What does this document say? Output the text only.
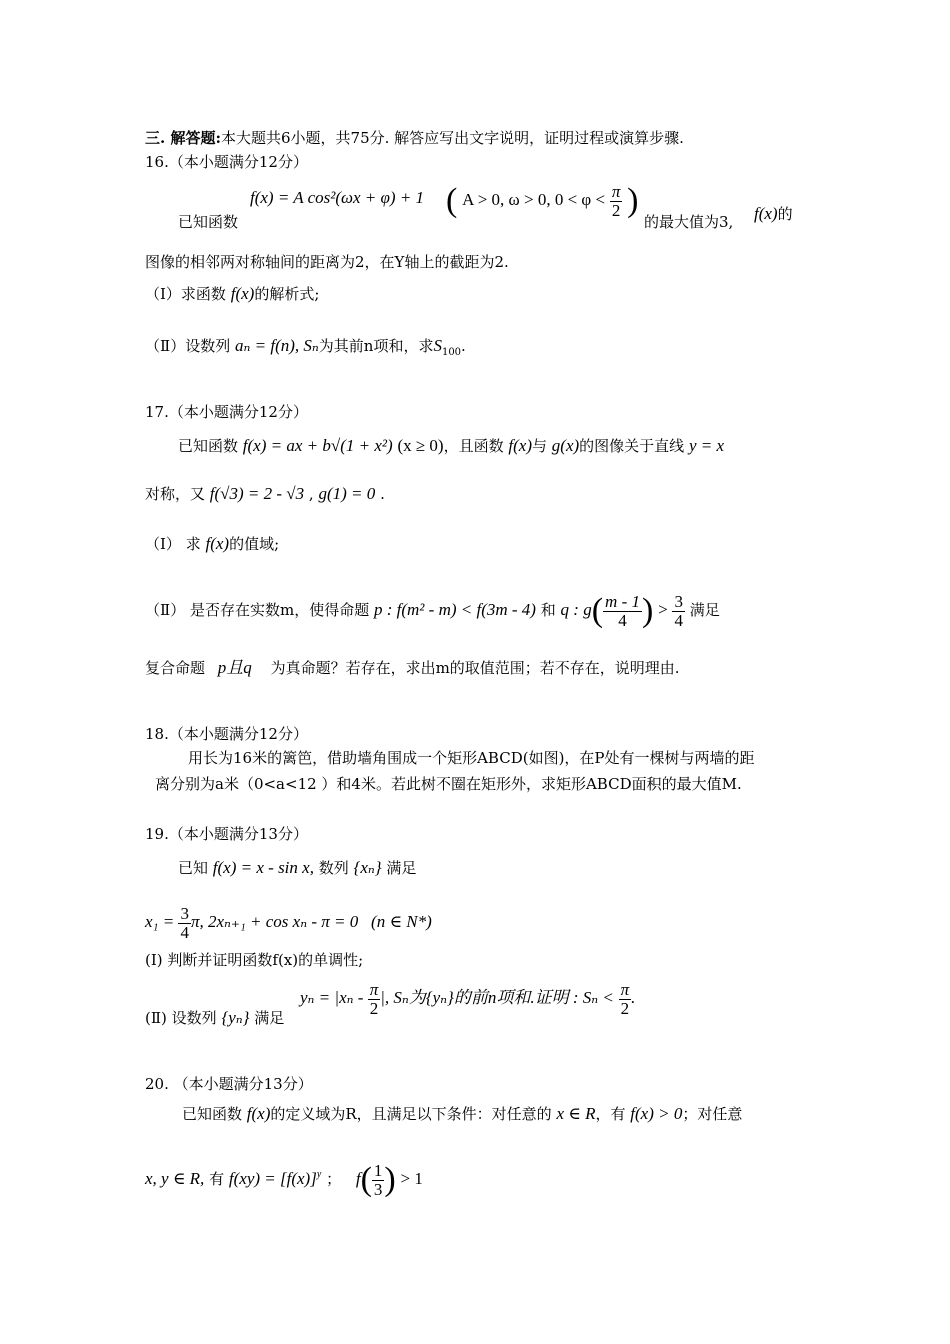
三. 解答题:本大题共6小题，共75分. 解答应写出文字说明，证明过程或演算步骤.
16.（本小题满分12分）
已知函数
f(x) = A cos²(ωx + φ) + 1 ( A > 0, ω > 0, $0 < \varphi < \frac{\pi}{2}$ )
的最大值为3, f(x)的
图像的相邻两对称轴间的距离为2，在Y轴上的截距为2.
（Ⅰ）求函数 f(x)的解析式;
（Ⅱ）设数列 aₙ = f(n), Sₙ为其前n项和，求$S_{100}$.
17.（本小题满分12分）
已知函数 f(x) = ax + b√(1 + x²) (x ≥ 0)，且函数 f(x)与 g(x)的图像关于直线 y = x
对称，又 f(√3) = 2 - √3 , g(1) = 0 .
（Ⅰ） 求 f(x)的值域;
（Ⅱ） 是否存在实数m，使得命题 p : f(m² - m) < f(3m - 4) 和 q : $g( \frac{m - 1}{4}$ ) > $\frac{3}{4}$ 满足
复合命题 p且q 为真命题？若存在，求出m的取值范围；若不存在，说明理由.
18.（本小题满分12分）
用长为16米的篱笆，借助墙角围成一个矩形ABCD(如图)，在P处有一棵树与两墙的距
离分别为a米（0<a<12 ）和4米。若此树不圈在矩形外，求矩形ABCD面积的最大值M.
19.（本小题满分13分）
已知 f(x) = x - sin x, 数列 {xₙ} 满足
$x_1 = \frac{3}{4} \pi$, 2xₙ₊₁ + cos xₙ - π = 0 (n ∈ N*)
(Ⅰ) 判断并证明函数f(x)的单调性;
(Ⅱ) 设数列 {yₙ} 满足
$y_n = |x_n - \frac{\pi}{2}$ |, Sₙ为{yₙ}的前n项和.证明 : $S_n < \frac{\pi}{2}$ .
20. （本小题满分13分）
已知函数 f(x)的定义域为R，且满足以下条件：对任意的 x ∈ R，有 f(x) > 0；对任意
x, y ∈ R, 有 $f(xy) = [f(x)]^y$ ； $f( \frac{1}{3}$ ) > 1
